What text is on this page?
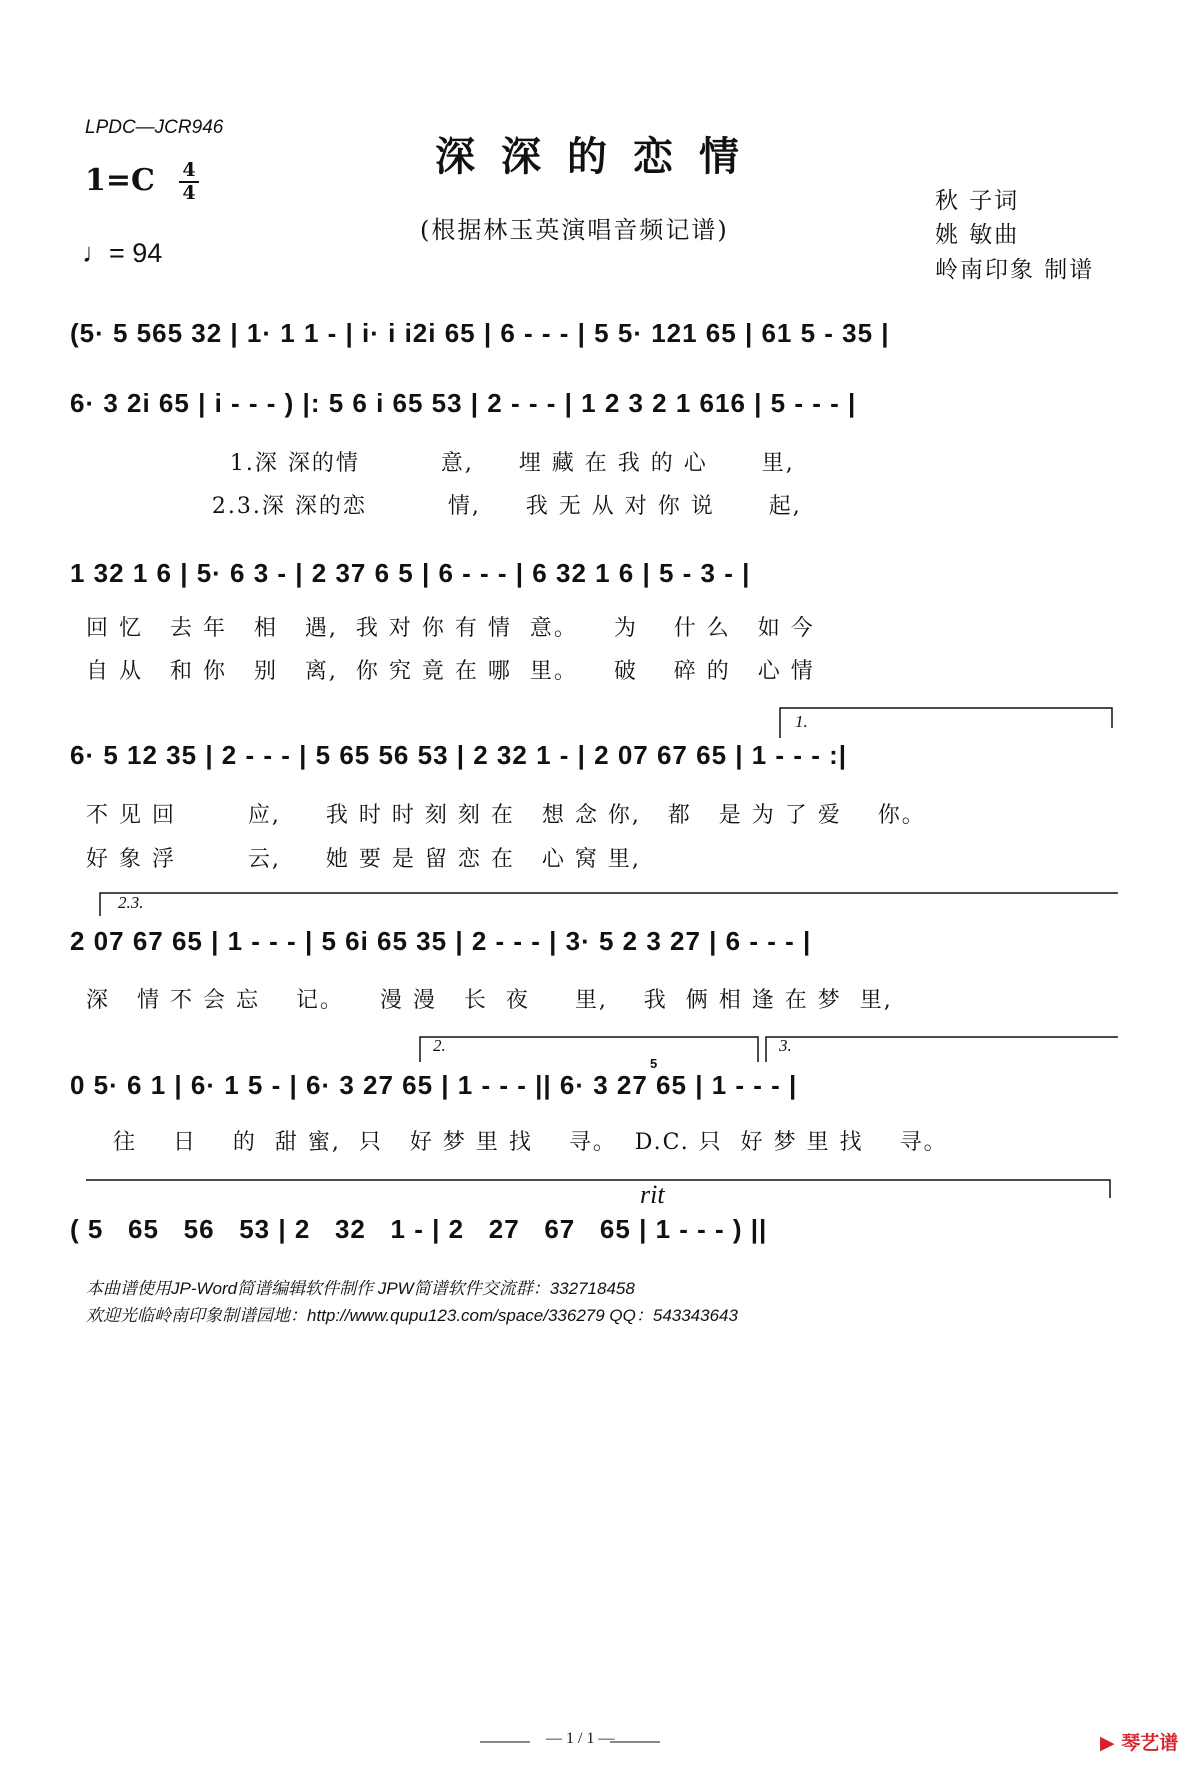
LPDC—JCR946
1=C 4
4
♩= 94
深深的恋情
(根据林玉英演唱音频记谱)
秋 子词
姚 敏曲
岭南印象 制谱
(5· 5 565 32 | 1· 1 1 - | i· i i2i 65 | 6 - - - | 5 5· 121 65 | 61 5 - 35 |
6· 3 2i 65 | i - - - ) |: 5 6 i 65 53 | 2 - - - | 1 2 3 2 1 616 | 5 - - - |
1.深 深的情         意,     埋 藏 在 我 的 心      里,
2.3.深 深的恋         情,     我 无 从 对 你 说      起,
1 32 1 6 | 5· 6 3 - | 2 37 6 5 | 6 - - - | 6 32 1 6 | 5 - 3 - |
回 忆   去 年   相   遇,  我 对 你 有 情  意。    为    什 么   如 今
自 从   和 你   别   离,  你 究 竟 在 哪  里。    破    碎 的   心 情
1.
6· 5 12 35 | 2 - - - | 5 65 56 53 | 2 32 1 - | 2 07 67 65 | 1 - - - :|
不 见 回        应,     我 时 时 刻 刻 在   想 念 你,   都   是 为 了 爱    你。
好 象 浮        云,     她 要 是 留 恋 在   心 窝 里,
2.3.
2 07 67 65 | 1 - - - | 5 6i 65 35 | 2 - - - | 3· 5 2 3 27 | 6 - - - |
深   情 不 会 忘    记。    漫 漫   长  夜     里,    我  俩 相 逢 在 梦  里,
2.	3.
5
0 5· 6 1 | 6· 1 5 - | 6· 3 27 65 | 1 - - - || 6· 3 27 65 | 1 - - - |
往    日    的  甜 蜜,  只   好 梦 里 找    寻。  D.C. 只  好 梦 里 找    寻。
rit
( 5   65   56   53 | 2   32   1 - | 2   27   67   65 | 1 - - - ) ||
本曲谱使用JP-Word简谱编辑软件制作 JPW简谱软件交流群：332718458
欢迎光临岭南印象制谱园地：http://www.qupu123.com/space/336279 QQ：543343643
— 1 / 1 —	▶ 琴艺谱
